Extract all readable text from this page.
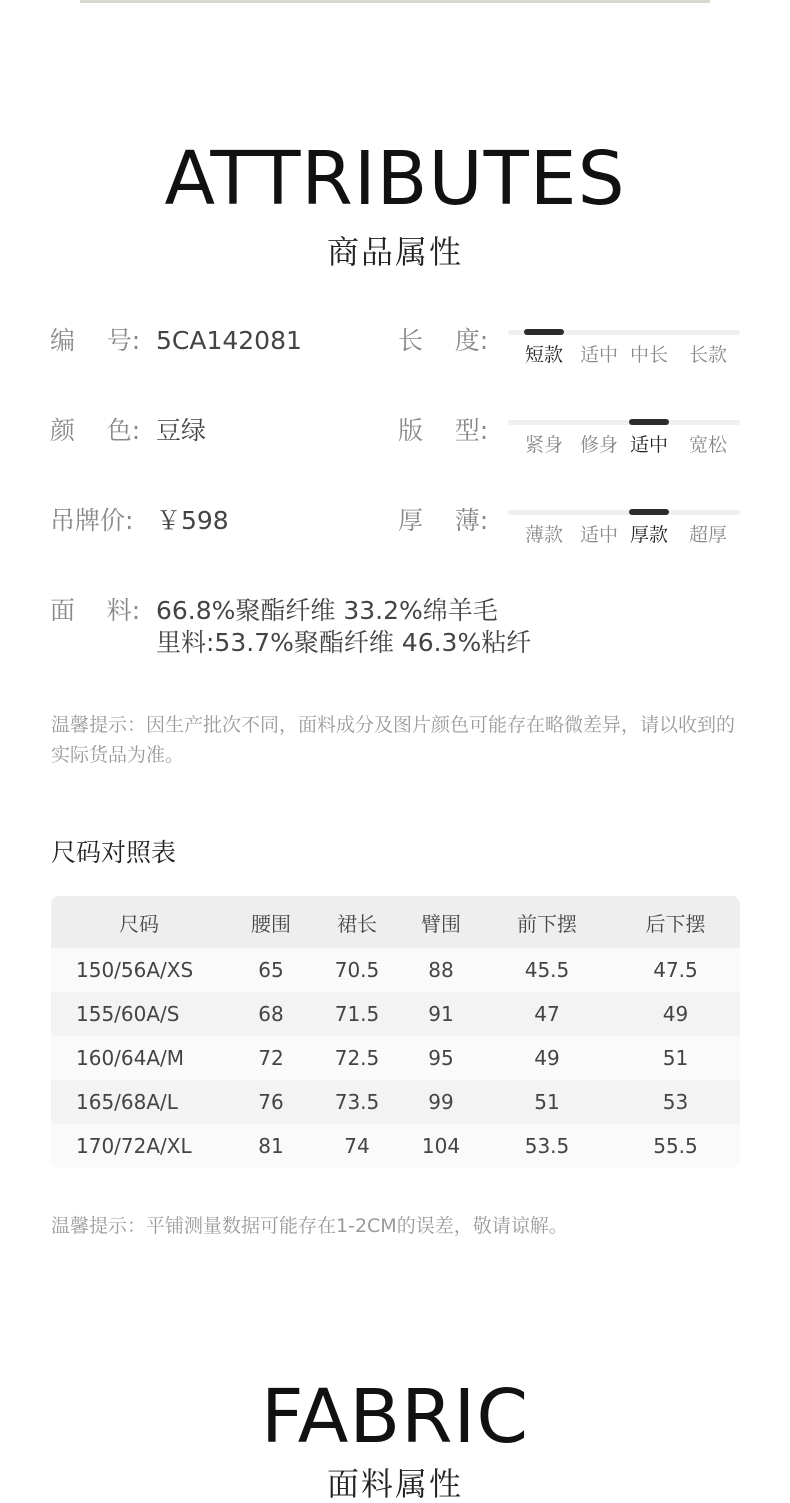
ATTRIBUTES
商品属性
编    号: 5CA142081
颜    色: 豆绿
吊牌价: ￥598
面    料: 66.8%聚酯纤维 33.2%绵羊毛
里料:53.7%聚酯纤维 46.3%粘纤
长    度: 短款 适中 中长 长款
版    型: 紧身 修身 适中 宽松
厚    薄: 薄款 适中 厚款 超厚
温馨提示：因生产批次不同，面料成分及图片颜色可能存在略微差异，请以收到的实际货品为准。
尺码对照表
尺码	腰围	裙长	臂围	前下摆	后下摆
150/56A/XS	65	70.5	88	45.5	47.5
155/60A/S	68	71.5	91	47	49
160/64A/M	72	72.5	95	49	51
165/68A/L	76	73.5	99	51	53
170/72A/XL	81	74	104	53.5	55.5
温馨提示：平铺测量数据可能存在1-2CM的误差，敬请谅解。
FABRIC
面料属性
